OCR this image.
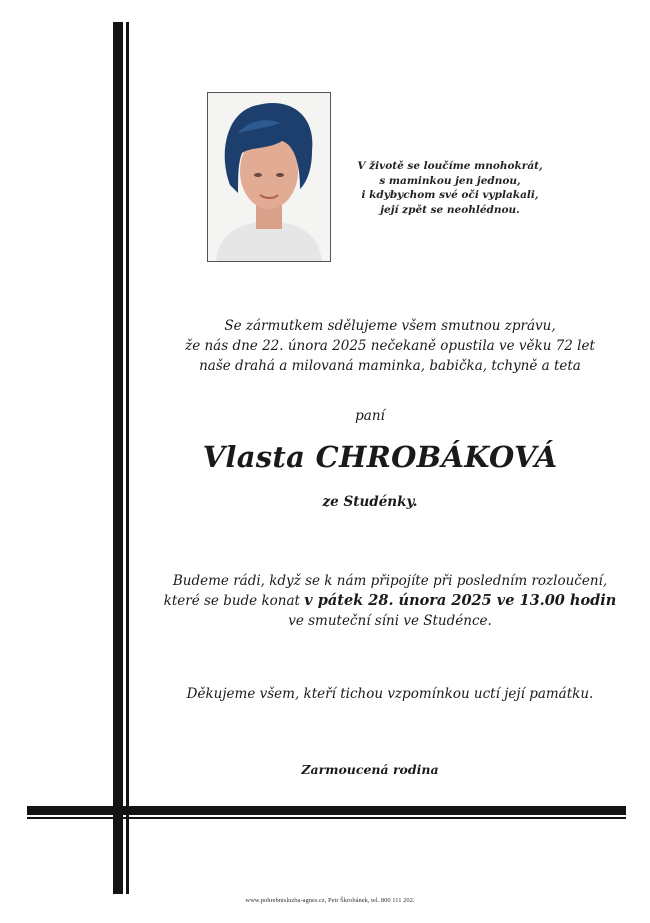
V životě se loučíme mnohokrát,
s maminkou jen jednou,
i kdybychom své oči vyplakali,
její zpět se neohlédnou.
Se zármutkem sdělujeme všem smutnou zprávu,
že nás dne 22. února 2025 nečekaně opustila ve věku 72 let
naše drahá a milovaná maminka, babička, tchyně a teta
paní
Vlasta CHROBÁKOVÁ
ze Studénky.
Budeme rádi, když se k nám připojíte při posledním rozloučení,
které se bude konat v pátek 28. února 2025 ve 13.00 hodin
ve smuteční síni ve Studénce.
Děkujeme všem, kteří tichou vzpomínkou uctí její památku.
Zarmoucená rodina
www.pohrebnisluzba-agnes.cz, Petr Škrobánek, tel. 800 111 202.
